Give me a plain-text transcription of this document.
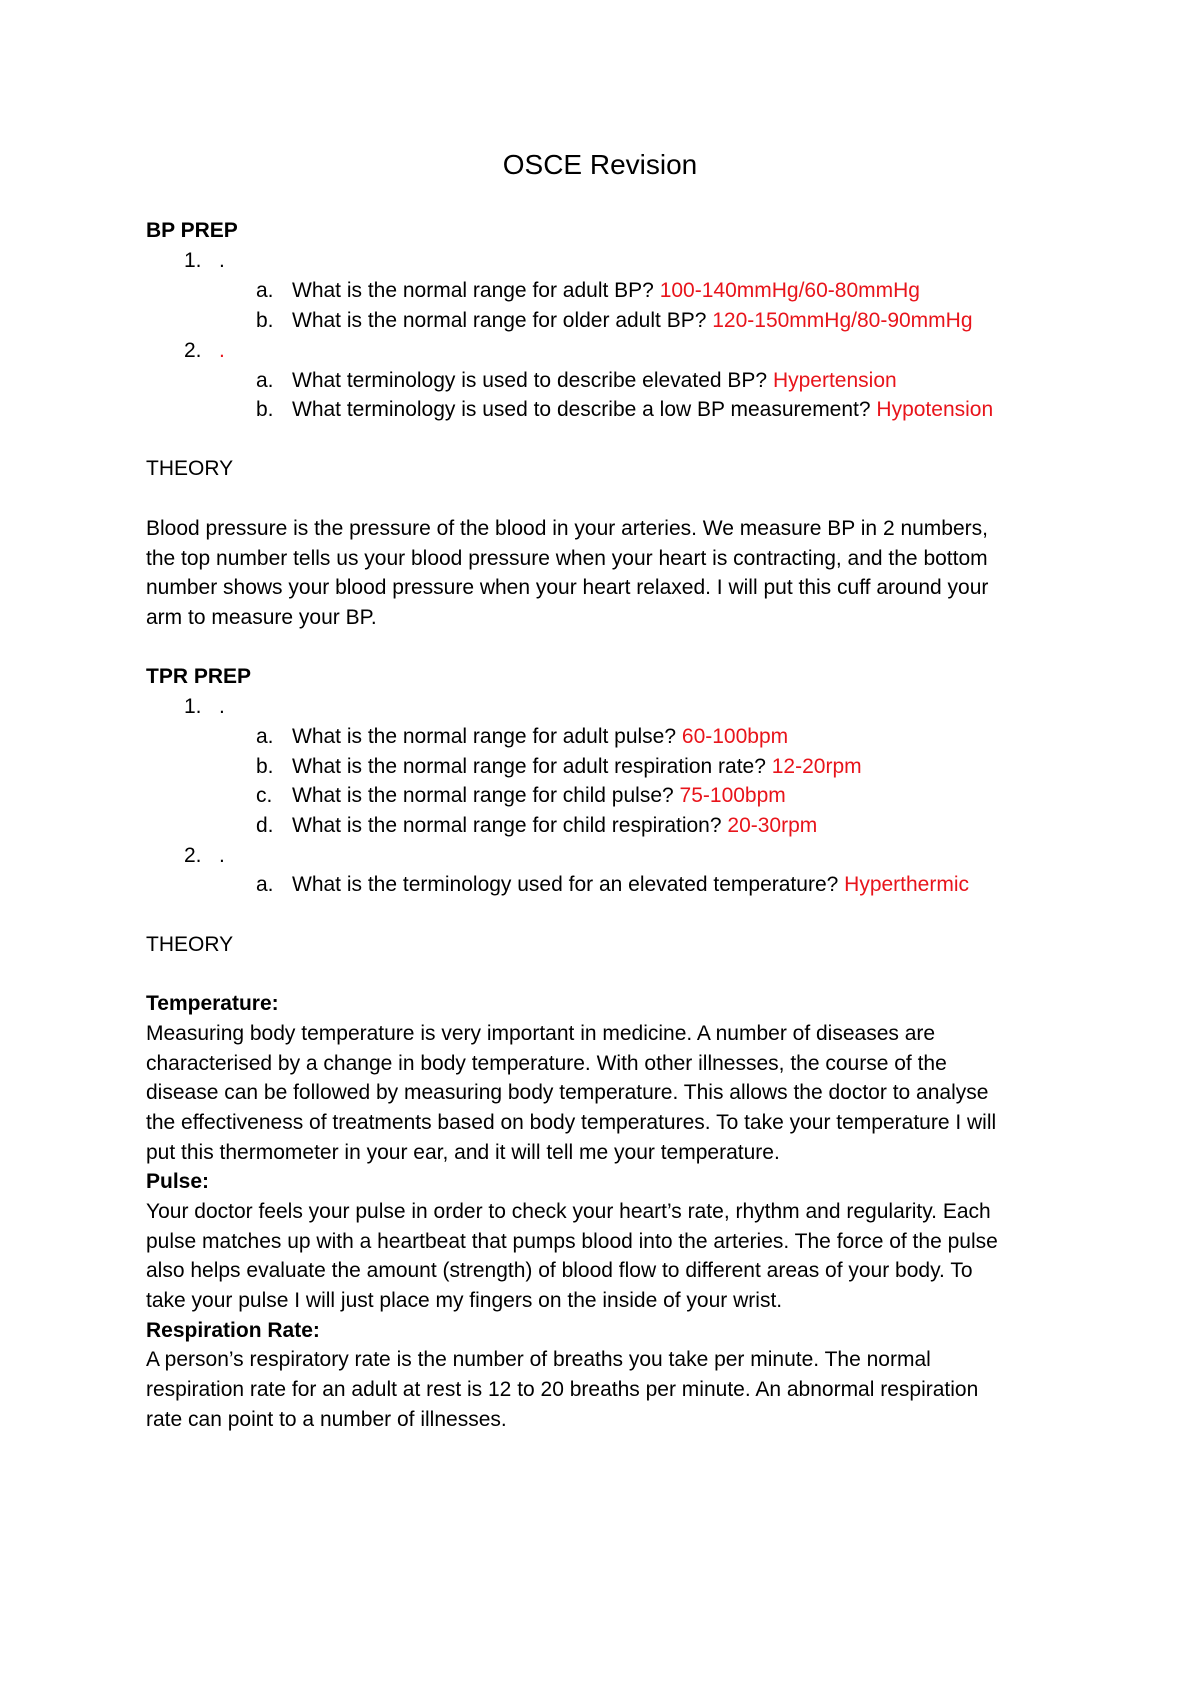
OSCE Revision
BP PREP
1. .
a. What is the normal range for adult BP? 100-140mmHg/60-80mmHg
b. What is the normal range for older adult BP? 120-150mmHg/80-90mmHg
2. .
a. What terminology is used to describe elevated BP? Hypertension
b. What terminology is used to describe a low BP measurement? Hypotension
THEORY
Blood pressure is the pressure of the blood in your arteries. We measure BP in 2 numbers,
the top number tells us your blood pressure when your heart is contracting, and the bottom
number shows your blood pressure when your heart relaxed. I will put this cuff around your
arm to measure your BP.
TPR PREP
1. .
a. What is the normal range for adult pulse? 60-100bpm
b. What is the normal range for adult respiration rate? 12-20rpm
c. What is the normal range for child pulse? 75-100bpm
d. What is the normal range for child respiration? 20-30rpm
2. .
a. What is the terminology used for an elevated temperature? Hyperthermic
THEORY
Temperature:
Measuring body temperature is very important in medicine. A number of diseases are
characterised by a change in body temperature. With other illnesses, the course of the
disease can be followed by measuring body temperature. This allows the doctor to analyse
the effectiveness of treatments based on body temperatures. To take your temperature I will
put this thermometer in your ear, and it will tell me your temperature.
Pulse:
Your doctor feels your pulse in order to check your heart’s rate, rhythm and regularity. Each
pulse matches up with a heartbeat that pumps blood into the arteries. The force of the pulse
also helps evaluate the amount (strength) of blood flow to different areas of your body. To
take your pulse I will just place my fingers on the inside of your wrist.
Respiration Rate:
A person’s respiratory rate is the number of breaths you take per minute. The normal
respiration rate for an adult at rest is 12 to 20 breaths per minute. An abnormal respiration
rate can point to a number of illnesses.
